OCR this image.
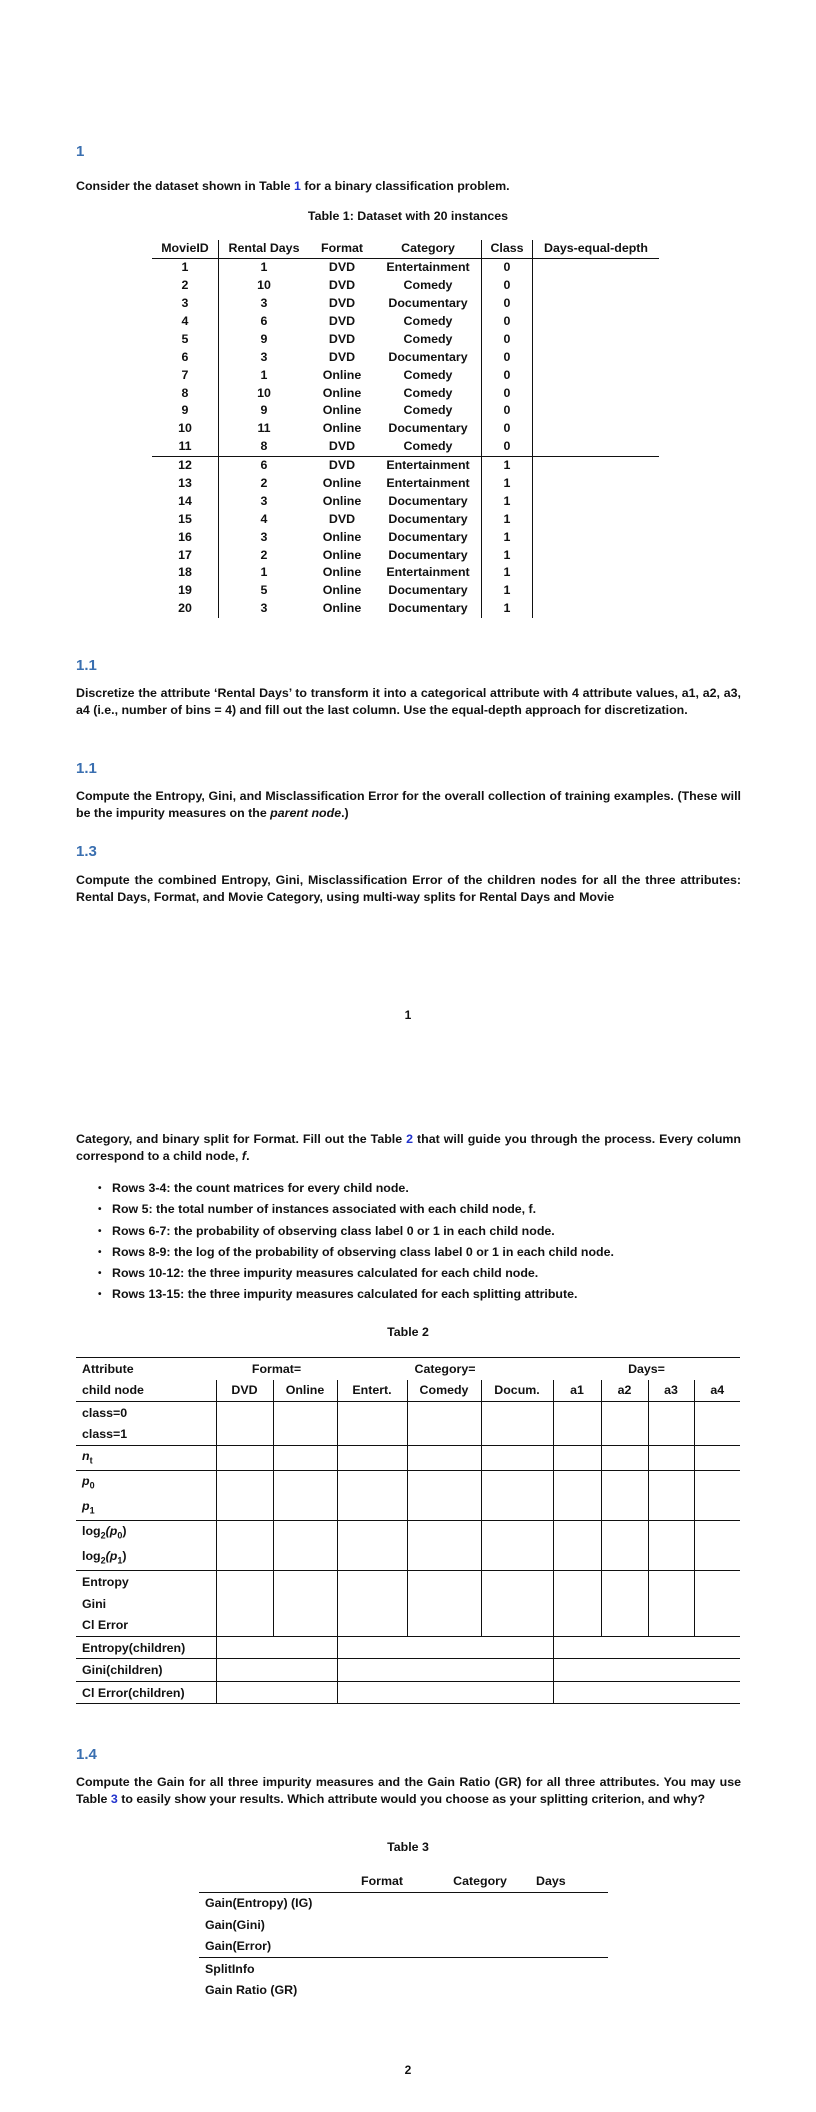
1
Consider the dataset shown in Table 1 for a binary classification problem.
Table 1: Dataset with 20 instances
MovieID	Rental Days	Format	Category	Class	Days-equal-depth
1	1	DVD	Entertainment	0	
2	10	DVD	Comedy	0	
3	3	DVD	Documentary	0	
4	6	DVD	Comedy	0	
5	9	DVD	Comedy	0	
6	3	DVD	Documentary	0	
7	1	Online	Comedy	0	
8	10	Online	Comedy	0	
9	9	Online	Comedy	0	
10	11	Online	Documentary	0	
11	8	DVD	Comedy	0	
12	6	DVD	Entertainment	1	
13	2	Online	Entertainment	1	
14	3	Online	Documentary	1	
15	4	DVD	Documentary	1	
16	3	Online	Documentary	1	
17	2	Online	Documentary	1	
18	1	Online	Entertainment	1	
19	5	Online	Documentary	1	
20	3	Online	Documentary	1	
1.1
Discretize the attribute ‘Rental Days’ to transform it into a categorical attribute with 4 attribute values, a1, a2, a3, a4 (i.e., number of bins = 4) and fill out the last column. Use the equal-depth approach for discretization.
1.1
Compute the Entropy, Gini, and Misclassification Error for the overall collection of training examples. (These will be the impurity measures on the parent node.)
1.3
Compute the combined Entropy, Gini, Misclassification Error of the children nodes for all the three attributes: Rental Days, Format, and Movie Category, using multi-way splits for Rental Days and Movie
1
Category, and binary split for Format. Fill out the Table 2 that will guide you through the process. Every column correspond to a child node, f.
• Rows 3-4: the count matrices for every child node.
• Row 5: the total number of instances associated with each child node, f.
• Rows 6-7: the probability of observing class label 0 or 1 in each child node.
• Rows 8-9: the log of the probability of observing class label 0 or 1 in each child node.
• Rows 10-12: the three impurity measures calculated for each child node.
• Rows 13-15: the three impurity measures calculated for each splitting attribute.
Table 2
Attribute	Format=		Category=			Days=			
child node	DVD	Online	Entert.	Comedy	Docum.	a1	a2	a3	a4
class=0									
class=1									
$n_t$									
$p_0$									
$p_1$									
$\log_2(p_0)$									
$\log_2(p_1)$									
Entropy									
Gini									
Cl Error									
Entropy(children)									
Gini(children)									
Cl Error(children)									
1.4
Compute the Gain for all three impurity measures and the Gain Ratio (GR) for all three attributes. You may use Table 3 to easily show your results. Which attribute would you choose as your splitting criterion, and why?
Table 3
	Format	Category	Days
Gain(Entropy) (IG)			
Gain(Gini)			
Gain(Error)			
SplitInfo			
Gain Ratio (GR)			
2
